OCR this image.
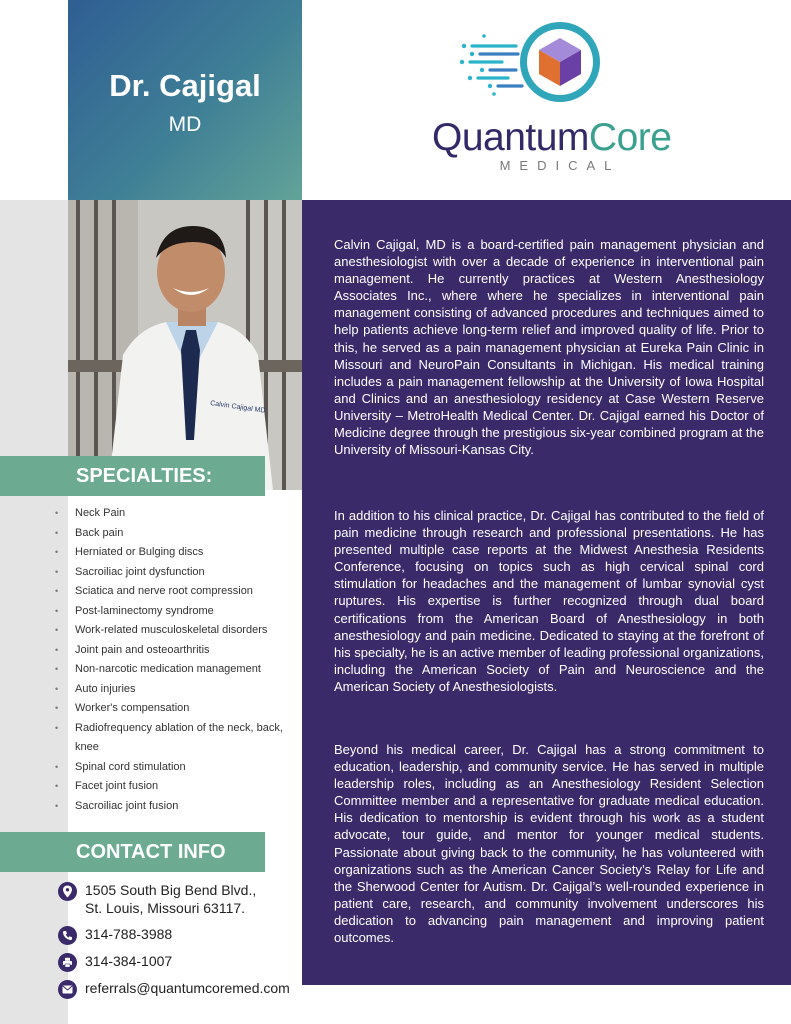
Dr. Cajigal
MD	QuantumCore
MEDICAL
Calvin Cajigal MD

Calvin Cajigal, MD is a board-certified pain management physician and anesthesiologist with over a decade of experience in interventional pain management. He currently practices at Western Anesthesiology Associates Inc., where where he specializes in interventional pain management consisting of advanced procedures and techniques aimed to help patients achieve long-term relief and improved quality of life. Prior to this, he served as a pain management physician at Eureka Pain Clinic in Missouri and NeuroPain Consultants in Michigan. His medical training includes a pain management fellowship at the University of Iowa Hospital and Clinics and an anesthesiology residency at Case Western Reserve University – MetroHealth Medical Center. Dr. Cajigal earned his Doctor of Medicine degree through the prestigious six-year combined program at the University of Missouri-Kansas City.

In addition to his clinical practice, Dr. Cajigal has contributed to the field of pain medicine through research and professional presentations. He has presented multiple case reports at the Midwest Anesthesia Residents Conference, focusing on topics such as high cervical spinal cord stimulation for headaches and the management of lumbar synovial cyst ruptures. His expertise is further recognized through dual board certifications from the American Board of Anesthesiology in both anesthesiology and pain medicine. Dedicated to staying at the forefront of his specialty, he is an active member of leading professional organizations, including the American Society of Pain and Neuroscience and the American Society of Anesthesiologists.

Beyond his medical career, Dr. Cajigal has a strong commitment to education, leadership, and community service. He has served in multiple leadership roles, including as an Anesthesiology Resident Selection Committee member and a representative for graduate medical education. His dedication to mentorship is evident through his work as a student advocate, tour guide, and mentor for younger medical students. Passionate about giving back to the community, he has volunteered with organizations such as the American Cancer Society’s Relay for Life and the Sherwood Center for Autism. Dr. Cajigal’s well-rounded experience in patient care, research, and community involvement underscores his dedication to advancing pain management and improving patient outcomes.

SPECIALTIES:
• Neck Pain
• Back pain
• Herniated or Bulging discs
• Sacroiliac joint dysfunction
• Sciatica and nerve root compression
• Post-laminectomy syndrome
• Work-related musculoskeletal disorders
• Joint pain and osteoarthritis
• Non-narcotic medication management
• Auto injuries
• Worker's compensation
• Radiofrequency ablation of the neck, back, knee
• Spinal cord stimulation
• Facet joint fusion
• Sacroiliac joint fusion
CONTACT INFO
1505 South Big Bend Blvd.,
St. Louis, Missouri 63117.
314-788-3988
314-384-1007
referrals@quantumcoremed.com
